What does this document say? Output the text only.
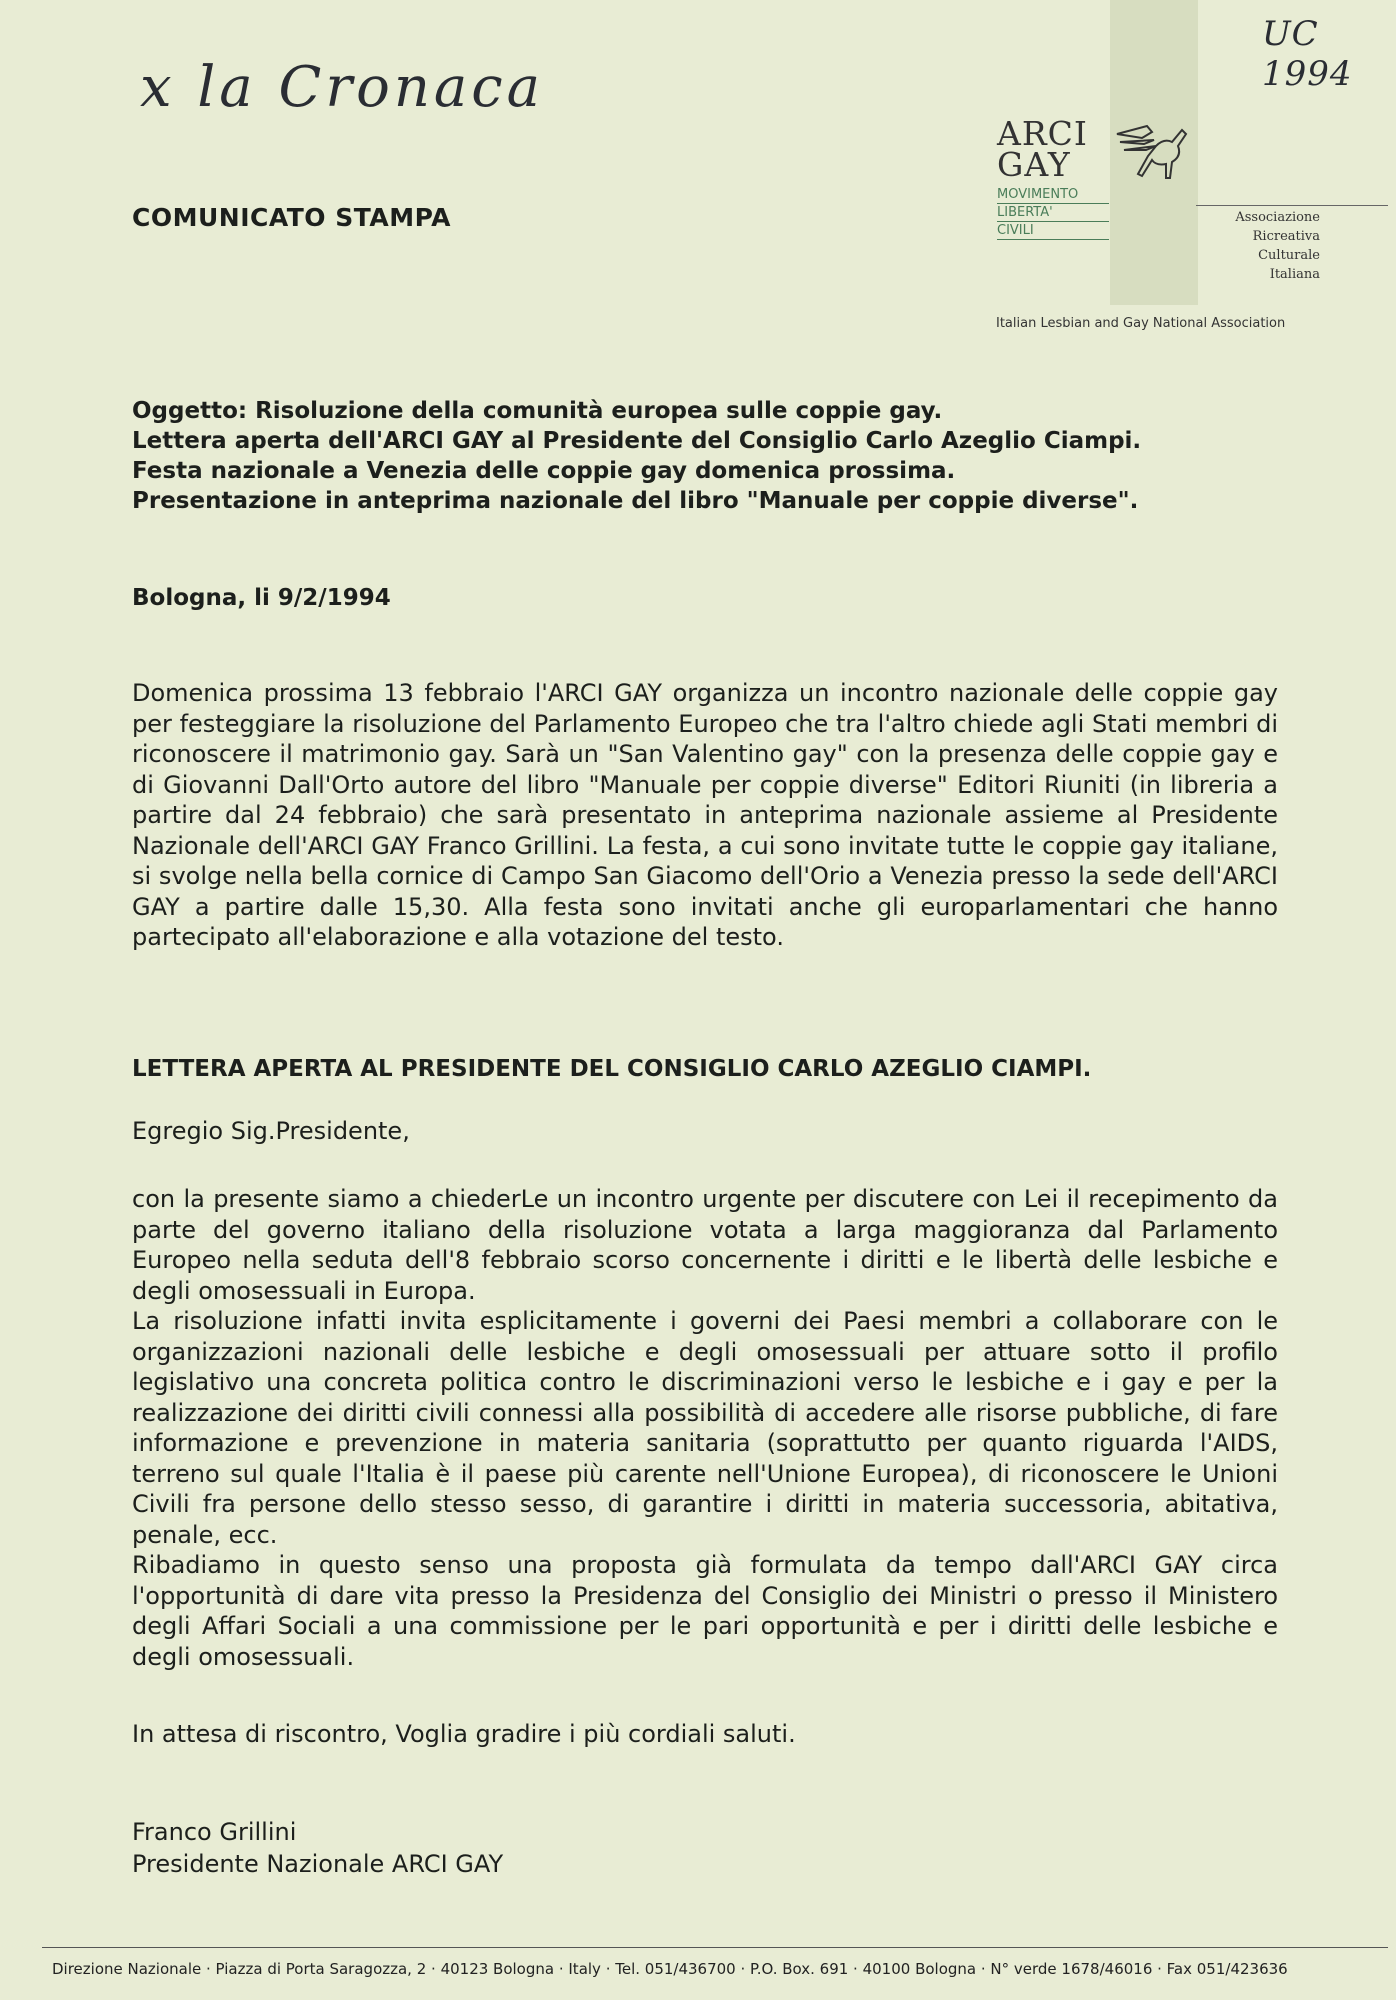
x la Cronaca
UC 1994
ARCI
GAY
MOVIMENTO
LIBERTA'
CIVILI
Associazione
Ricreativa
Culturale
Italiana
Italian Lesbian and Gay National Association
COMUNICATO STAMPA
Oggetto: Risoluzione della comunità europea sulle coppie gay.
Lettera aperta dell'ARCI GAY al Presidente del Consiglio Carlo Azeglio Ciampi.
Festa nazionale a Venezia delle coppie gay domenica prossima.
Presentazione in anteprima nazionale del libro "Manuale per coppie diverse".
Bologna, li 9/2/1994
Domenica prossima 13 febbraio l'ARCI GAY organizza un incontro nazionale delle coppie gay per festeggiare la risoluzione del Parlamento Europeo che tra l'altro chiede agli Stati membri di riconoscere il matrimonio gay. Sarà un "San Valentino gay" con la presenza delle coppie gay e di Giovanni Dall'Orto autore del libro "Manuale per coppie diverse" Editori Riuniti (in libreria a partire dal 24 febbraio) che sarà presentato in anteprima nazionale assieme al Presidente Nazionale dell'ARCI GAY Franco Grillini. La festa, a cui sono invitate tutte le coppie gay italiane, si svolge nella bella cornice di Campo San Giacomo dell'Orio a Venezia presso la sede dell'ARCI GAY a partire dalle 15,30. Alla festa sono invitati anche gli europarlamentari che hanno partecipato all'elaborazione e alla votazione del testo.
LETTERA APERTA AL PRESIDENTE DEL CONSIGLIO CARLO AZEGLIO CIAMPI.
Egregio Sig.Presidente,
con la presente siamo a chiederLe un incontro urgente per discutere con Lei il recepimento da parte del governo italiano della risoluzione votata a larga maggioranza dal Parlamento Europeo nella seduta dell'8 febbraio scorso concernente i diritti e le libertà delle lesbiche e degli omosessuali in Europa.
La risoluzione infatti invita esplicitamente i governi dei Paesi membri a collaborare con le organizzazioni nazionali delle lesbiche e degli omosessuali per attuare sotto il profilo legislativo una concreta politica contro le discriminazioni verso le lesbiche e i gay e per la realizzazione dei diritti civili connessi alla possibilità di accedere alle risorse pubbliche, di fare informazione e prevenzione in materia sanitaria (soprattutto per quanto riguarda l'AIDS, terreno sul quale l'Italia è il paese più carente nell'Unione Europea), di riconoscere le Unioni Civili fra persone dello stesso sesso, di garantire i diritti in materia successoria, abitativa, penale, ecc.
Ribadiamo in questo senso una proposta già formulata da tempo dall'ARCI GAY circa l'opportunità di dare vita presso la Presidenza del Consiglio dei Ministri o presso il Ministero degli Affari Sociali a una commissione per le pari opportunità e per i diritti delle lesbiche e degli omosessuali.
In attesa di riscontro, Voglia gradire i più cordiali saluti.
Franco Grillini
Presidente Nazionale ARCI GAY
Direzione Nazionale · Piazza di Porta Saragozza, 2 · 40123 Bologna · Italy · Tel. 051/436700 · P.O. Box. 691 · 40100 Bologna · N° verde 1678/46016 · Fax 051/423636
